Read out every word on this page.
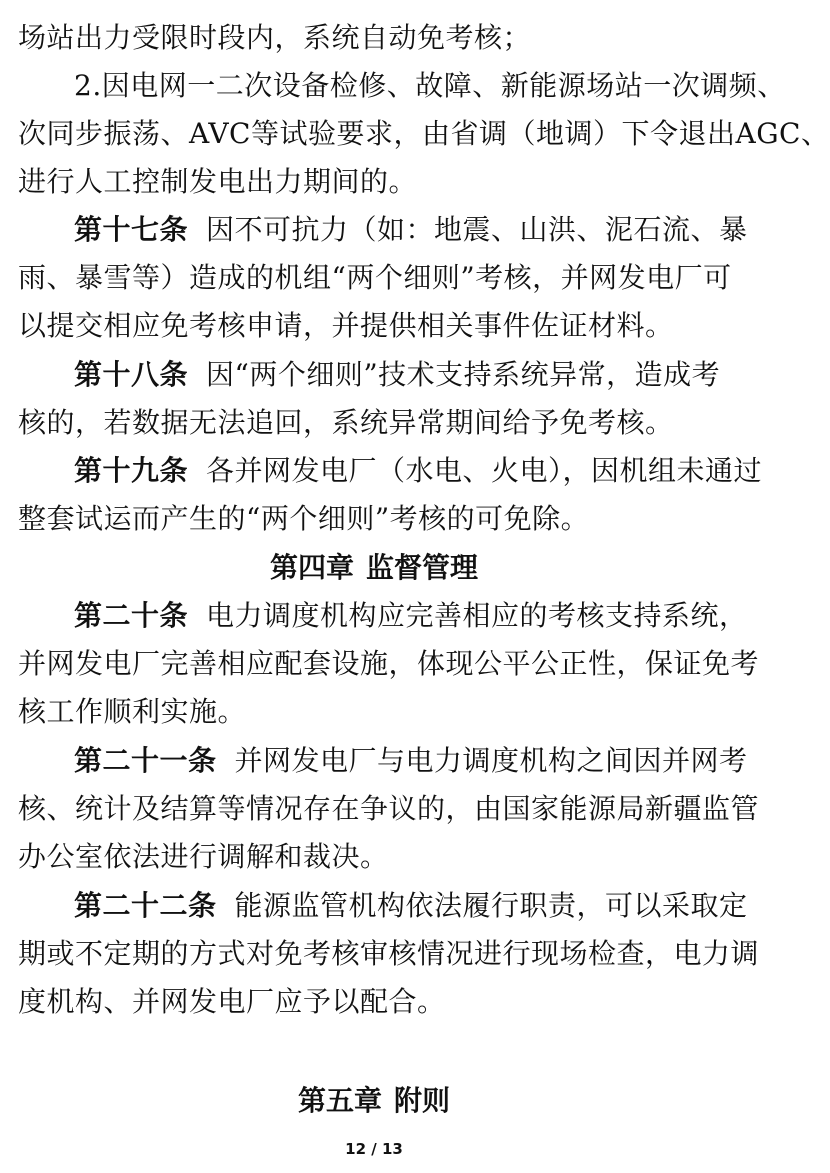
场站出力受限时段内，系统自动免考核；
2.因电网一二次设备检修、故障、新能源场站一次调频、
次同步振荡、AVC等试验要求，由省调（地调）下令退出AGC、
进行人工控制发电出力期间的。
第十七条 因不可抗力（如：地震、山洪、泥石流、暴
雨、暴雪等）造成的机组“两个细则”考核，并网发电厂可
以提交相应免考核申请，并提供相关事件佐证材料。
第十八条 因“两个细则”技术支持系统异常，造成考
核的，若数据无法追回，系统异常期间给予免考核。
第十九条 各并网发电厂（水电、火电），因机组未通过
整套试运而产生的“两个细则”考核的可免除。
第四章 监督管理
第二十条 电力调度机构应完善相应的考核支持系统，
并网发电厂完善相应配套设施，体现公平公正性，保证免考
核工作顺利实施。
第二十一条 并网发电厂与电力调度机构之间因并网考
核、统计及结算等情况存在争议的，由国家能源局新疆监管
办公室依法进行调解和裁决。
第二十二条 能源监管机构依法履行职责，可以采取定
期或不定期的方式对免考核审核情况进行现场检查，电力调
度机构、并网发电厂应予以配合。
第五章 附则
12 / 13
